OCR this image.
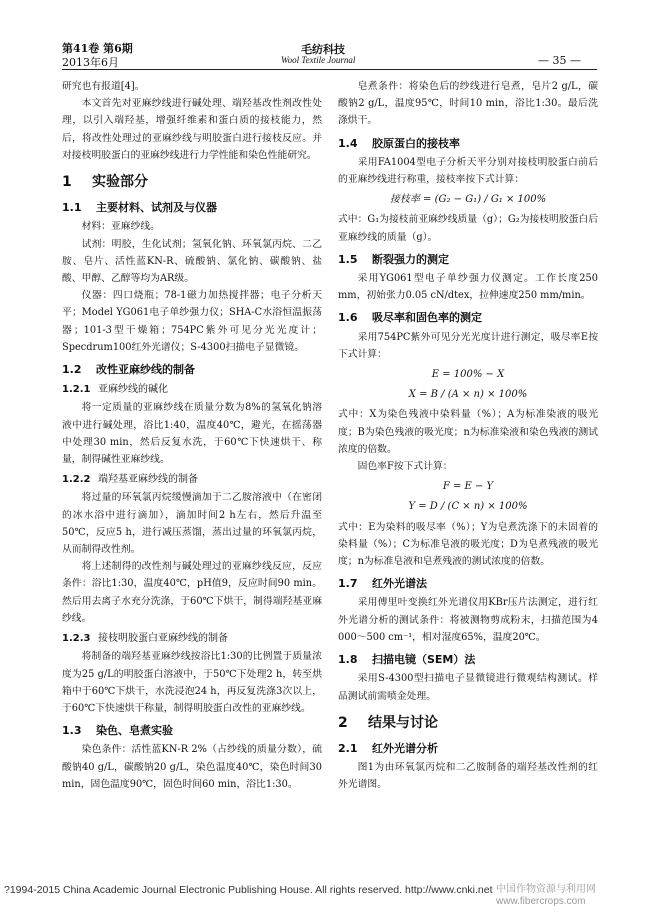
第41卷 第6期
2013年6月
毛纺科技
Wool Textile Journal	— 35 —

研究也有报道[4]。

本文首先对亚麻纱线进行碱处理、端羟基改性剂改性处理，以引入端羟基，增强纤维素和蛋白质的接枝能力，然后，将改性处理过的亚麻纱线与明胶蛋白进行接枝反应。并对接枝明胶蛋白的亚麻纱线进行力学性能和染色性能研究。

1 实验部分
1.1 主要材料、试剂及与仪器

材料：亚麻纱线。

试剂：明胶，生化试剂；氢氧化钠、环氧氯丙烷、二乙胺、皂片、活性蓝KN-R、硫酸钠、氯化钠、碳酸钠、盐酸、甲醇、乙醇等均为AR级。

仪器：四口烧瓶；78-1磁力加热搅拌器；电子分析天平；Model YG061电子单纱强力仪；SHA-C水浴恒温振荡器；101-3型干燥箱；754PC紫外可见分光光度计；Specdrum100红外光谱仪；S-4300扫描电子显微镜。

1.2 改性亚麻纱线的制备
1.2.1 亚麻纱线的碱化

将一定质量的亚麻纱线在质量分数为8%的氢氧化钠溶液中进行碱处理，浴比1:40，温度40℃，避光，在摇荡器中处理30 min，然后反复水洗，于60℃下快速烘干、称量，制得碱性亚麻纱线。

1.2.2 端羟基亚麻纱线的制备

将过量的环氧氯丙烷缓慢滴加于二乙胺溶液中（在密闭的冰水浴中进行滴加），滴加时间2 h左右，然后升温至50℃，反应5 h，进行减压蒸馏，蒸出过量的环氧氯丙烷，从而制得改性剂。

将上述制得的改性剂与碱处理过的亚麻纱线反应，反应条件：浴比1:30，温度40℃，pH值9，反应时间90 min。然后用去离子水充分洗涤，于60℃下烘干，制得端羟基亚麻纱线。

1.2.3 接枝明胶蛋白亚麻纱线的制备

将制备的端羟基亚麻纱线按浴比1:30的比例置于质量浓度为25 g/L的明胶蛋白溶液中，于50℃下处理2 h，转至烘箱中于60℃下烘干，水洗浸泡24 h，再反复洗涤3次以上，于60℃下快速烘干称量，制得明胶蛋白改性的亚麻纱线。

1.3 染色、皂煮实验

染色条件：活性蓝KN-R 2%（占纱线的质量分数），硫酸钠40 g/L，碳酸钠20 g/L，染色温度40℃，染色时间30 min，固色温度90℃，固色时间60 min，浴比1:30。

皂煮条件：将染色后的纱线进行皂煮，皂片2 g/L，碳酸钠2 g/L，温度95℃，时间10 min，浴比1:30。最后洗涤烘干。

1.4 胶原蛋白的接枝率

采用FA1004型电子分析天平分别对接枝明胶蛋白前后的亚麻纱线进行称重，接枝率按下式计算：

接枝率 = (G₂ − G₁) / G₁ × 100%

式中：G₁为接枝前亚麻纱线质量（g）；G₂为接枝明胶蛋白后亚麻纱线的质量（g）。

1.5 断裂强力的测定

采用YG061型电子单纱强力仪测定。工作长度250 mm，初始张力0.05 cN/dtex，拉伸速度250 mm/min。

1.6 吸尽率和固色率的测定

采用754PC紫外可见分光光度计进行测定，吸尽率E按下式计算：

E = 100% − X
X = B / (A × n) × 100%

式中：X为染色残液中染料量（%）；A为标准染液的吸光度；B为染色残液的吸光度；n为标准染液和染色残液的测试浓度的倍数。

固色率F按下式计算：

F = E − Y
Y = D / (C × n) × 100%

式中：E为染料的吸尽率（%）；Y为皂煮洗涤下的未固着的染料量（%）；C为标准皂液的吸光度；D为皂煮残液的吸光度；n为标准皂液和皂煮残液的测试浓度的倍数。

1.7 红外光谱法

采用傅里叶变换红外光谱仪用KBr压片法测定，进行红外光谱分析的测试条件：将被测物剪成粉末，扫描范围为4 000～500 cm⁻¹，相对湿度65%，温度20℃。

1.8 扫描电镜（SEM）法

采用S-4300型扫描电子显微镜进行微观结构测试。样品测试前需喷金处理。

2 结果与讨论
2.1 红外光谱分析

图1为由环氧氯丙烷和二乙胺制备的端羟基改性剂的红外光谱图。

?1994-2015 China Academic Journal Electronic Publishing House. All rights reserved. http://www.cnki.net 中国作物资源与利用网
www.fibercrops.com
